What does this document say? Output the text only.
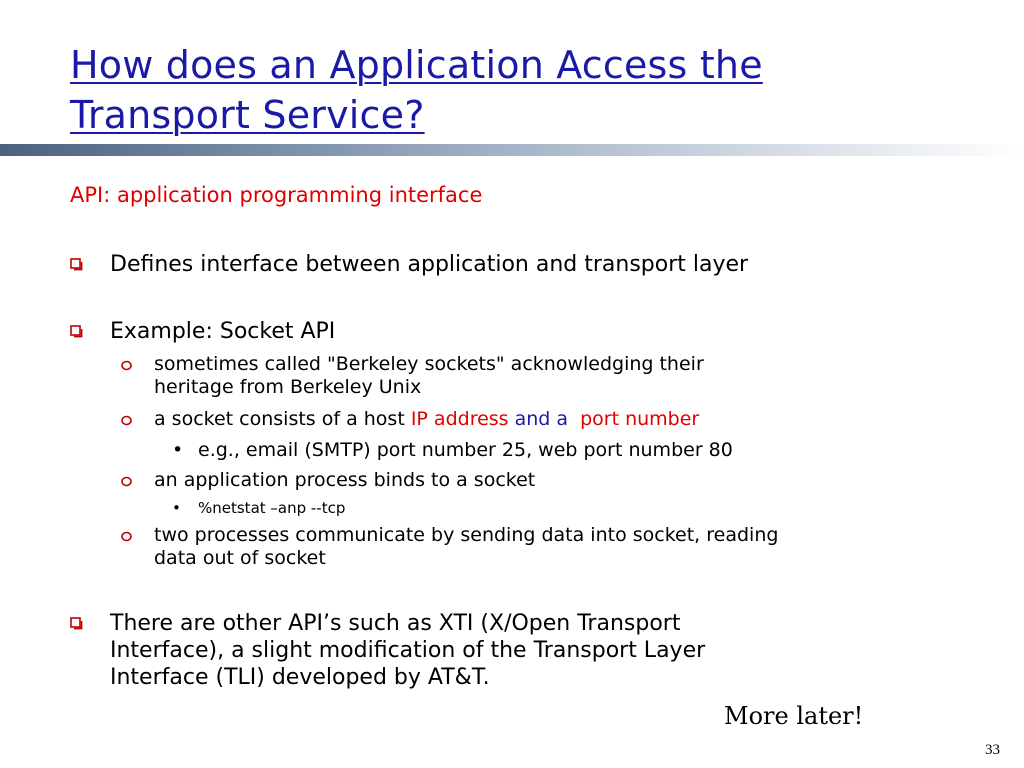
How does an Application Access the
Transport Service?
API: application programming interface
Defines interface between application and transport layer
Example: Socket API
sometimes called "Berkeley sockets" acknowledging their
heritage from Berkeley Unix
a socket consists of a host IP address and a port number
• e.g., email (SMTP) port number 25, web port number 80
an application process binds to a socket
• %netstat –anp --tcp
two processes communicate by sending data into socket, reading
data out of socket
There are other API’s such as XTI (X/Open Transport
Interface), a slight modification of the Transport Layer
Interface (TLI) developed by AT&T.
More later!
33
